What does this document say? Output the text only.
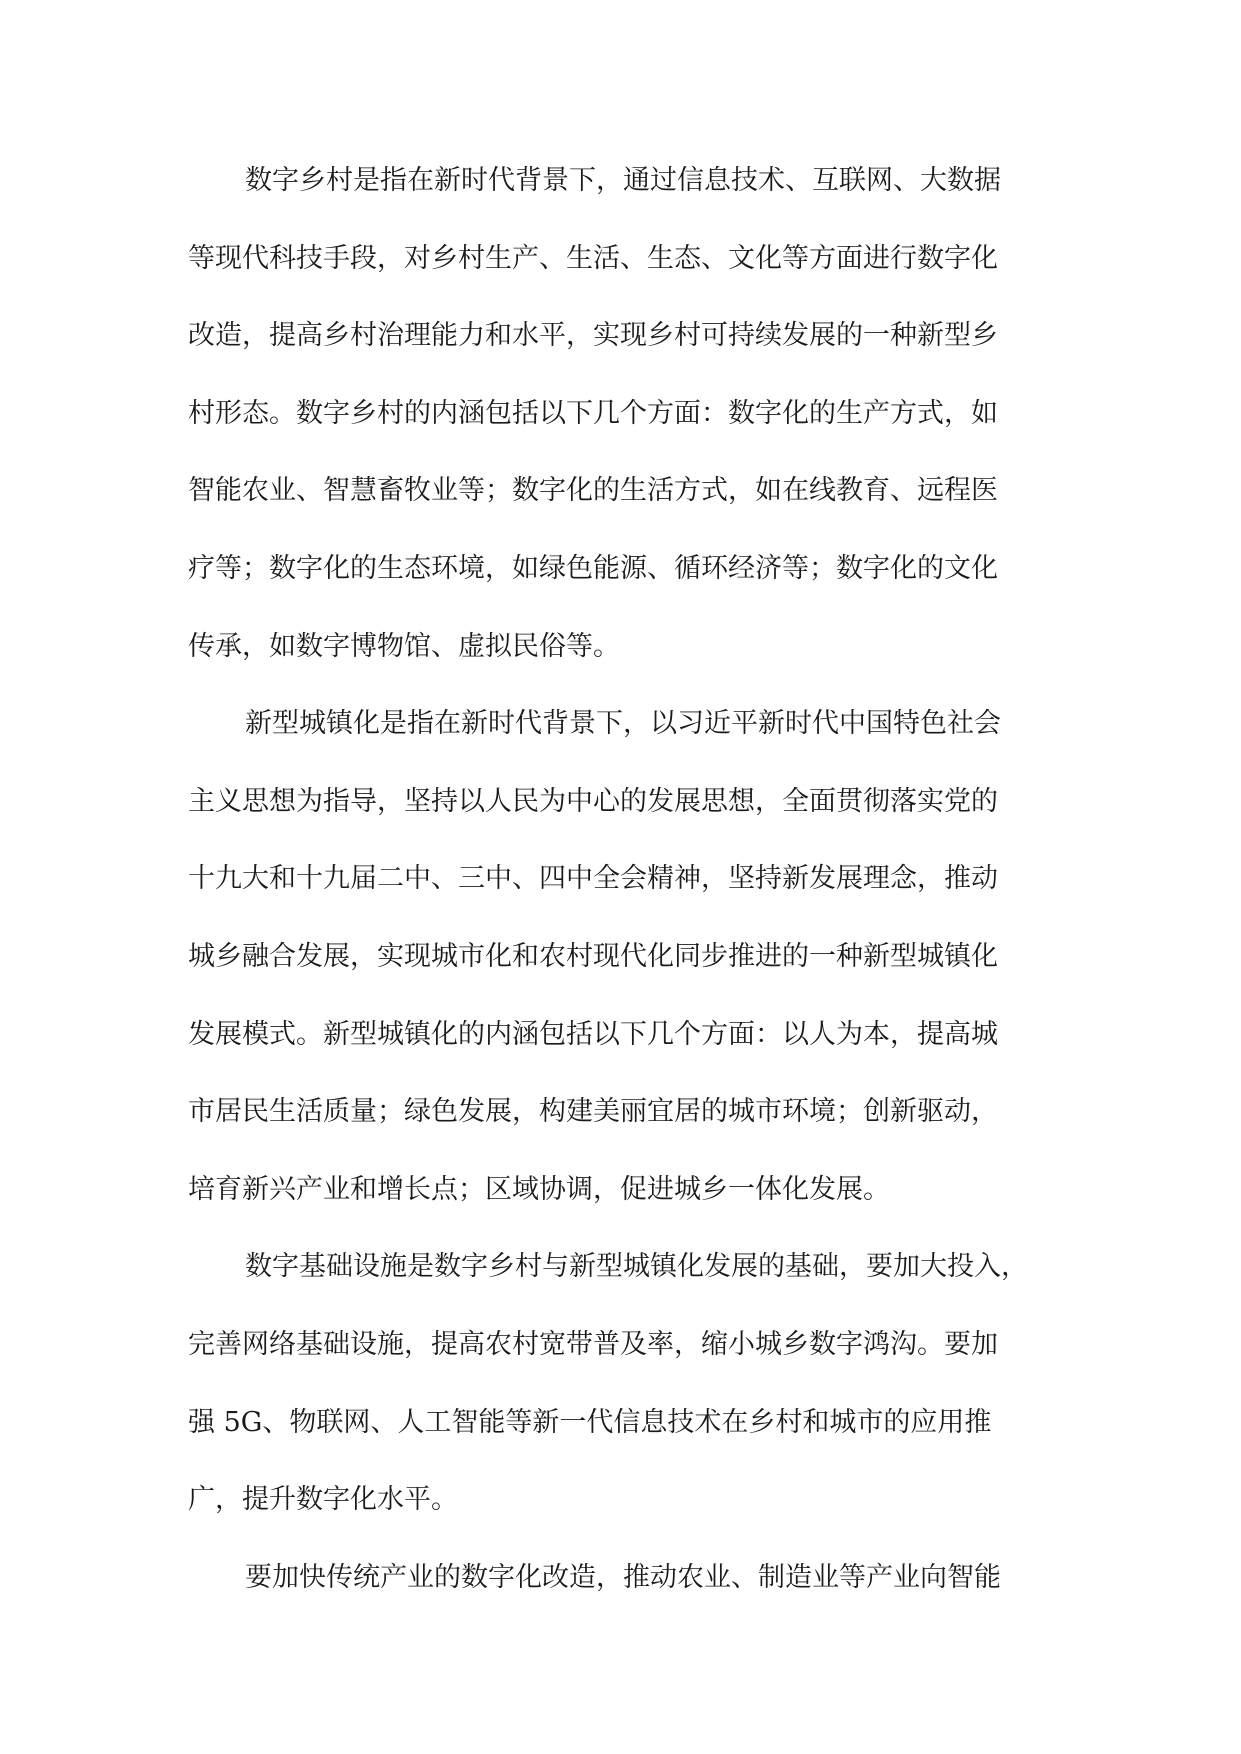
数字乡村是指在新时代背景下，通过信息技术、互联网、大数据
等现代科技手段，对乡村生产、生活、生态、文化等方面进行数字化
改造，提高乡村治理能力和水平，实现乡村可持续发展的一种新型乡
村形态。数字乡村的内涵包括以下几个方面：数字化的生产方式，如
智能农业、智慧畜牧业等；数字化的生活方式，如在线教育、远程医
疗等；数字化的生态环境，如绿色能源、循环经济等；数字化的文化
传承，如数字博物馆、虚拟民俗等。
新型城镇化是指在新时代背景下，以习近平新时代中国特色社会
主义思想为指导，坚持以人民为中心的发展思想，全面贯彻落实党的
十九大和十九届二中、三中、四中全会精神，坚持新发展理念，推动
城乡融合发展，实现城市化和农村现代化同步推进的一种新型城镇化
发展模式。新型城镇化的内涵包括以下几个方面：以人为本，提高城
市居民生活质量；绿色发展，构建美丽宜居的城市环境；创新驱动，
培育新兴产业和增长点；区域协调，促进城乡一体化发展。
数字基础设施是数字乡村与新型城镇化发展的基础，要加大投入，
完善网络基础设施，提高农村宽带普及率，缩小城乡数字鸿沟。要加
强 5G、物联网、人工智能等新一代信息技术在乡村和城市的应用推
广，提升数字化水平。
要加快传统产业的数字化改造，推动农业、制造业等产业向智能
